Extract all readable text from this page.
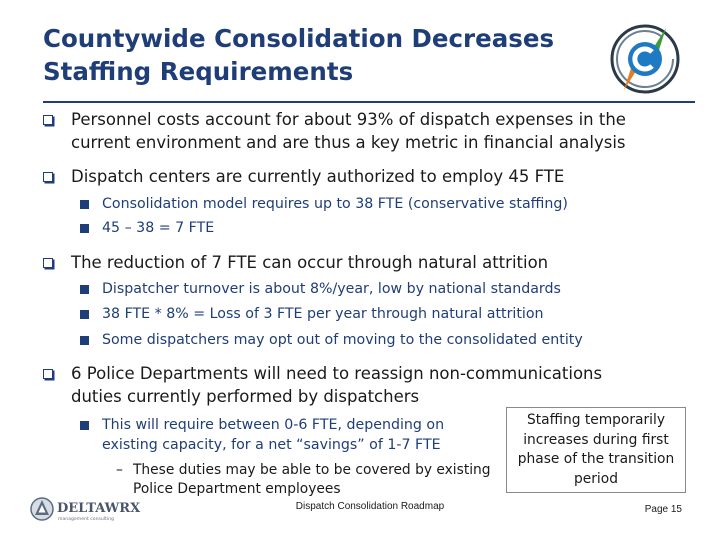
Countywide Consolidation Decreases
Staffing Requirements
Personnel costs account for about 93% of dispatch expenses in the
current environment and are thus a key metric in financial analysis
Dispatch centers are currently authorized to employ 45 FTE
Consolidation model requires up to 38 FTE (conservative staffing)
45 – 38 = 7 FTE
The reduction of 7 FTE can occur through natural attrition
Dispatcher turnover is about 8%/year, low by national standards
38 FTE * 8% = Loss of 3 FTE per year through natural attrition
Some dispatchers may opt out of moving to the consolidated entity
6 Police Departments will need to reassign non-communications
duties currently performed by dispatchers
This will require between 0-6 FTE, depending on
existing capacity, for a net “savings” of 1-7 FTE
– These duties may be able to be covered by existing
Police Department employees
Staffing temporarily
increases during first
phase of the transition
period
DELTAWRX
management consulting
Dispatch Consolidation Roadmap	Page 15
